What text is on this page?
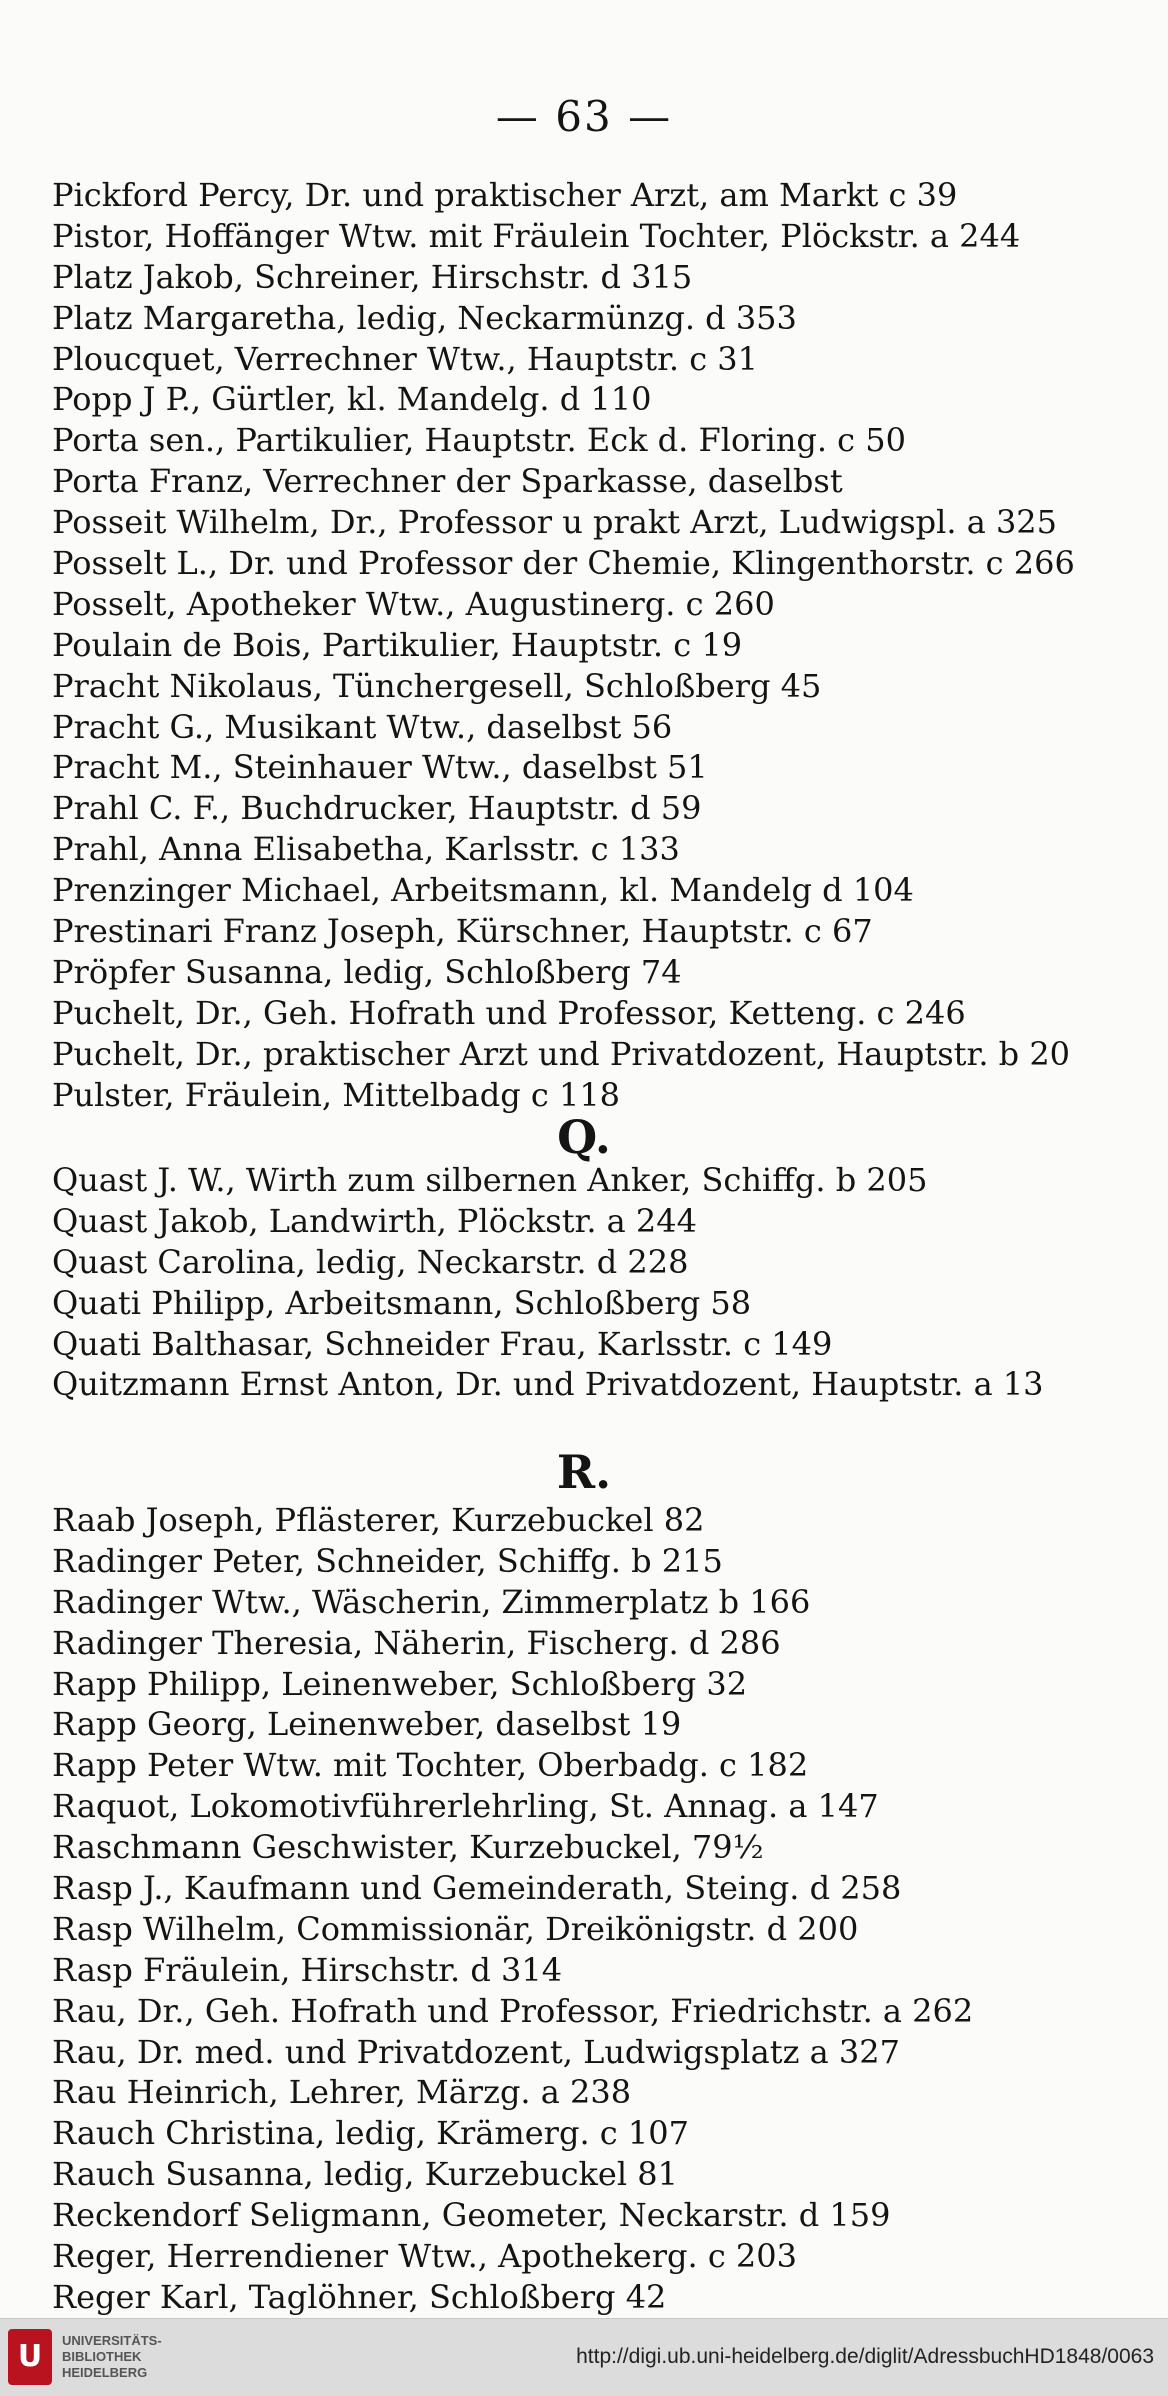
— 63 —
Pickford Percy, Dr. und praktischer Arzt, am Markt c 39
Pistor, Hoffänger Wtw. mit Fräulein Tochter, Plöckstr. a 244
Platz Jakob, Schreiner, Hirschstr. d 315
Platz Margaretha, ledig, Neckarmünzg. d 353
Ploucquet, Verrechner Wtw., Hauptstr. c 31
Popp J P., Gürtler, kl. Mandelg. d 110
Porta sen., Partikulier, Hauptstr. Eck d. Floring. c 50
Porta Franz, Verrechner der Sparkasse, daselbst
Posseit Wilhelm, Dr., Professor u prakt Arzt, Ludwigspl. a 325
Posselt L., Dr. und Professor der Chemie, Klingenthorstr. c 266
Posselt, Apotheker Wtw., Augustinerg. c 260
Poulain de Bois, Partikulier, Hauptstr. c 19
Pracht Nikolaus, Tünchergesell, Schloßberg 45
Pracht G., Musikant Wtw., daselbst 56
Pracht M., Steinhauer Wtw., daselbst 51
Prahl C. F., Buchdrucker, Hauptstr. d 59
Prahl, Anna Elisabetha, Karlsstr. c 133
Prenzinger Michael, Arbeitsmann, kl. Mandelg d 104
Prestinari Franz Joseph, Kürschner, Hauptstr. c 67
Pröpfer Susanna, ledig, Schloßberg 74
Puchelt, Dr., Geh. Hofrath und Professor, Ketteng. c 246
Puchelt, Dr., praktischer Arzt und Privatdozent, Hauptstr. b 20
Pulster, Fräulein, Mittelbadg c 118
Q.
Quast J. W., Wirth zum silbernen Anker, Schiffg. b 205
Quast Jakob, Landwirth, Plöckstr. a 244
Quast Carolina, ledig, Neckarstr. d 228
Quati Philipp, Arbeitsmann, Schloßberg 58
Quati Balthasar, Schneider Frau, Karlsstr. c 149
Quitzmann Ernst Anton, Dr. und Privatdozent, Hauptstr. a 13
R.
Raab Joseph, Pflästerer, Kurzebuckel 82
Radinger Peter, Schneider, Schiffg. b 215
Radinger Wtw., Wäscherin, Zimmerplatz b 166
Radinger Theresia, Näherin, Fischerg. d 286
Rapp Philipp, Leinenweber, Schloßberg 32
Rapp Georg, Leinenweber, daselbst 19
Rapp Peter Wtw. mit Tochter, Oberbadg. c 182
Raquot, Lokomotivführerlehrling, St. Annag. a 147
Raschmann Geschwister, Kurzebuckel, 79½
Rasp J., Kaufmann und Gemeinderath, Steing. d 258
Rasp Wilhelm, Commissionär, Dreikönigstr. d 200
Rasp Fräulein, Hirschstr. d 314
Rau, Dr., Geh. Hofrath und Professor, Friedrichstr. a 262
Rau, Dr. med. und Privatdozent, Ludwigsplatz a 327
Rau Heinrich, Lehrer, Märzg. a 238
Rauch Christina, ledig, Krämerg. c 107
Rauch Susanna, ledig, Kurzebuckel 81
Reckendorf Seligmann, Geometer, Neckarstr. d 159
Reger, Herrendiener Wtw., Apothekerg. c 203
Reger Karl, Taglöhner, Schloßberg 42
U	UNIVERSITÄTS-
BIBLIOTHEK
HEIDELBERG
http://digi.ub.uni-heidelberg.de/diglit/AdressbuchHD1848/0063
